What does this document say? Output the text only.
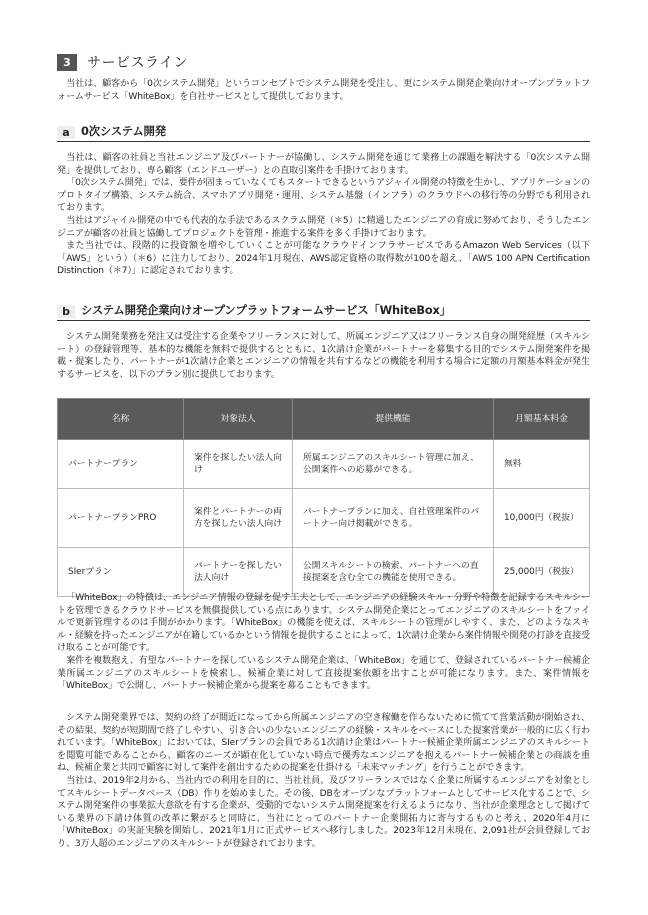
3	サービスライン

当社は、顧客から「0次システム開発」というコンセプトでシステム開発を受注し、更にシステム開発企業向けオープンプラットフォームサービス「WhiteBox」を自社サービスとして提供しております。

a 0次システム開発

当社は、顧客の社員と当社エンジニア及びパートナーが協働し、システム開発を通じて業務上の課題を解決する「0次システム開発」を提供しており、専ら顧客（エンドユーザー）との直取引案件を手掛けております。

「0次システム開発」では、要件が固まっていなくてもスタートできるというアジャイル開発の特徴を生かし、アプリケーションのプロトタイプ構築、システム統合、スマホアプリ開発・運用、システム基盤（インフラ）のクラウドへの移行等の分野でも利用されております。

当社はアジャイル開発の中でも代表的な手法であるスクラム開発（＊5）に精通したエンジニアの育成に努めており、そうしたエンジニアが顧客の社員と協働してプロジェクトを管理・推進する案件を多く手掛けております。

また当社では、段階的に投資額を増やしていくことが可能なクラウドインフラサービスであるAmazon Web Services（以下「AWS」という）（＊6）に注力しており、2024年1月現在、AWS認定資格の取得数が100を超え、「AWS 100 APN Certification Distinction（＊7）」に認定されております。

b システム開発企業向けオープンプラットフォームサービス「WhiteBox」

システム開発業務を発注又は受注する企業やフリーランスに対して、所属エンジニア又はフリーランス自身の開発経歴（スキルシート）の登録管理等、基本的な機能を無料で提供するとともに、1次請け企業がパートナーを募集する目的でシステム開発案件を掲載・提案したり、パートナーが1次請け企業とエンジニアの情報を共有するなどの機能を利用する場合に定額の月額基本料金が発生するサービスを、以下のプラン別に提供しております。

名称	対象法人	提供機能	月額基本料金
パートナープラン	案件を探したい法人向け	所属エンジニアのスキルシート管理に加え、公開案件への応募ができる。	無料
パートナープランPRO	案件とパートナーの両方を探したい法人向け	パートナープランに加え、自社管理案件のパートナー向け掲載ができる。	10,000円（税抜）
SIerプラン	パートナーを探したい法人向け	公開スキルシートの検索、パートナーへの直接提案を含む全ての機能を使用できる。	25,000円（税抜）

「WhiteBox」の特徴は、エンジニア情報の登録を促す工夫として、エンジニアの経験スキル・分野や特徴を記録するスキルシートを管理できるクラウドサービスを無償提供している点にあります。システム開発企業にとってエンジニアのスキルシートをファイルで更新管理するのは手間がかかります。「WhiteBox」の機能を使えば、スキルシートの管理がしやすく、また、どのようなスキル・経験を持ったエンジニアが在籍しているかという情報を提供することによって、1次請け企業から案件情報や開発の打診を直接受け取ることが可能です。

案件を複数抱え、有望なパートナーを探しているシステム開発企業は、「WhiteBox」を通じて、登録されているパートナー候補企業所属エンジニアのスキルシートを検索し、候補企業に対して直接提案依頼を出すことが可能になります。また、案件情報を「WhiteBox」で公開し、パートナー候補企業から提案を募ることもできます。

システム開発業界では、契約の終了が間近になってから所属エンジニアの空き稼働を作らないために慌てて営業活動が開始され、その結果、契約が短期間で終了しやすい、引き合いの少ないエンジニアの経験・スキルをベースにした提案営業が一般的に広く行われています。「WhiteBox」においては、SIerプランの会員である1次請け企業はパートナー候補企業所属エンジニアのスキルシートを閲覧可能であることから、顧客のニーズが顕在化していない時点で優秀なエンジニアを抱えるパートナー候補企業との商談を重ね、候補企業と共同で顧客に対して案件を創出するための提案を仕掛ける「未来マッチング」を行うことができます。

当社は、2019年2月から、当社内での利用を目的に、当社社員、及びフリーランスではなく企業に所属するエンジニアを対象としてスキルシートデータベース（DB）作りを始めました。その後、DBをオープンなプラットフォームとしてサービス化することで、システム開発案件の事業拡大意欲を有する企業が、受動的でないシステム開発提案を行えるようになり、当社が企業理念として掲げている業界の下請け体質の改革に繋がると同時に、当社にとってのパートナー企業開拓力に寄与するものと考え、2020年4月に「WhiteBox」の実証実験を開始し、2021年1月に正式サービスへ移行しました。2023年12月末現在、2,091社が会員登録しており、3万人超のエンジニアのスキルシートが登録されております。
